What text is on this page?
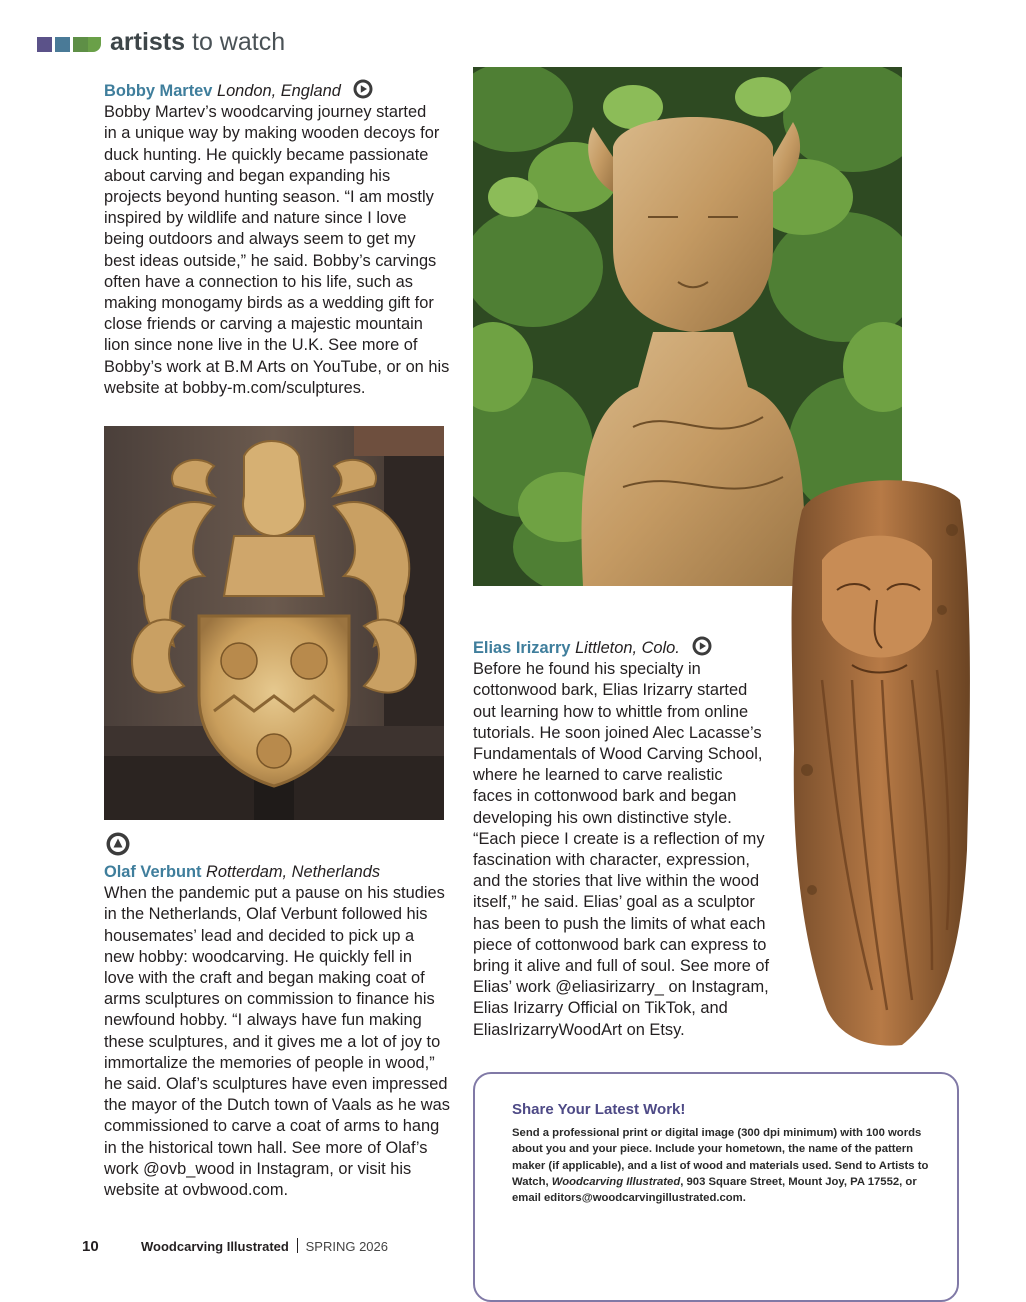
artists to watch

Bobby Martev London, England

Bobby Martev’s woodcarving journey started

in a unique way by making wooden decoys for

duck hunting. He quickly became passionate

about carving and began expanding his

projects beyond hunting season. “I am mostly

inspired by wildlife and nature since I love

being outdoors and always seem to get my

best ideas outside,” he said. Bobby’s carvings

often have a connection to his life, such as

making monogamy birds as a wedding gift for

close friends or carving a majestic mountain

lion since none live in the U.K. See more of

Bobby’s work at B.M Arts on YouTube, or on his

website at bobby-m.com/sculptures.

Olaf Verbunt Rotterdam, Netherlands

When the pandemic put a pause on his studies

in the Netherlands, Olaf Verbunt followed his

housemates’ lead and decided to pick up a

new hobby: woodcarving. He quickly fell in

love with the craft and began making coat of

arms sculptures on commission to finance his

newfound hobby. “I always have fun making

these sculptures, and it gives me a lot of joy to

immortalize the memories of people in wood,”

he said. Olaf’s sculptures have even impressed

the mayor of the Dutch town of Vaals as he was

commissioned to carve a coat of arms to hang

in the historical town hall. See more of Olaf’s

work @ovb_wood in Instagram, or visit his

website at ovbwood.com.

Elias Irizarry Littleton, Colo.

Before he found his specialty in

cottonwood bark, Elias Irizarry started

out learning how to whittle from online

tutorials. He soon joined Alec Lacasse’s

Fundamentals of Wood Carving School,

where he learned to carve realistic

faces in cottonwood bark and began

developing his own distinctive style.

“Each piece I create is a reflection of my

fascination with character, expression,

and the stories that live within the wood

itself,” he said. Elias’ goal as a sculptor

has been to push the limits of what each

piece of cottonwood bark can express to

bring it alive and full of soul. See more of

Elias’ work @eliasirizarry_ on Instagram,

Elias Irizarry Official on TikTok, and

EliasIrizarryWoodArt on Etsy.

Share Your Latest Work!
Send a professional print or digital image (300 dpi minimum) with 100 words about you and your piece. Include your hometown, the name of the pattern maker (if applicable), and a list of wood and materials used. Send to Artists to Watch, Woodcarving Illustrated, 903 Square Street, Mount Joy, PA 17552, or email editors@woodcarvingillustrated.com.
10	Woodcarving Illustrated SPRING 2026
